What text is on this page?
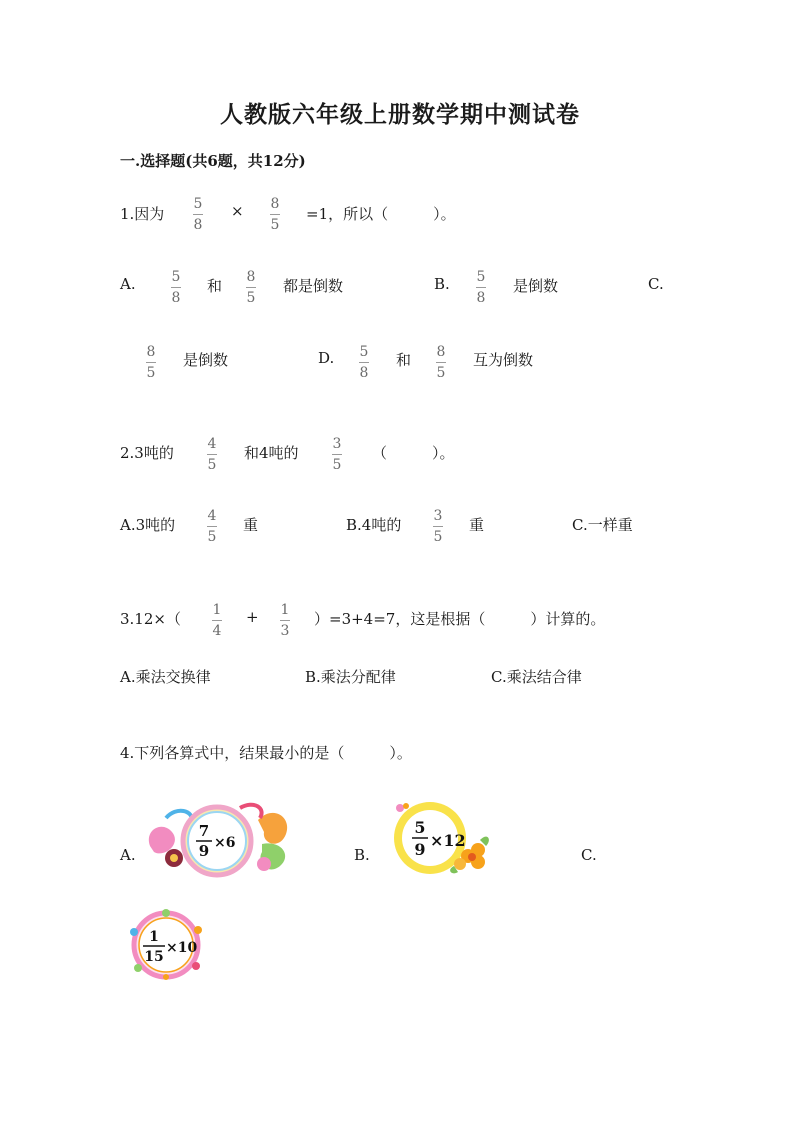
人教版六年级上册数学期中测试卷
一.选择题(共6题，共12分)
1.因为
5
8
× 8
5
=1，所以（　　　）。
A.	5
8
和 8
5
都是倒数	B. 5
8
是倒数	C.
8
5
是倒数	D. 5
8
和 8
5
互为倒数
2.3吨的 4
5
和4吨的 3
5
（　　　）。
A.3吨的 4
5
重	B.4吨的 3
5
重	C.一样重
3.12×（ 1
4
+ 1
3
）=3+4=7，这是根据（　　　）计算的。
A.乘法交换律	B.乘法分配律	C.乘法结合律
4.下列各算式中，结果最小的是（　　　）。
A.
7
9 ×6
B.
5
9 ×12
C.
1
15
×10
